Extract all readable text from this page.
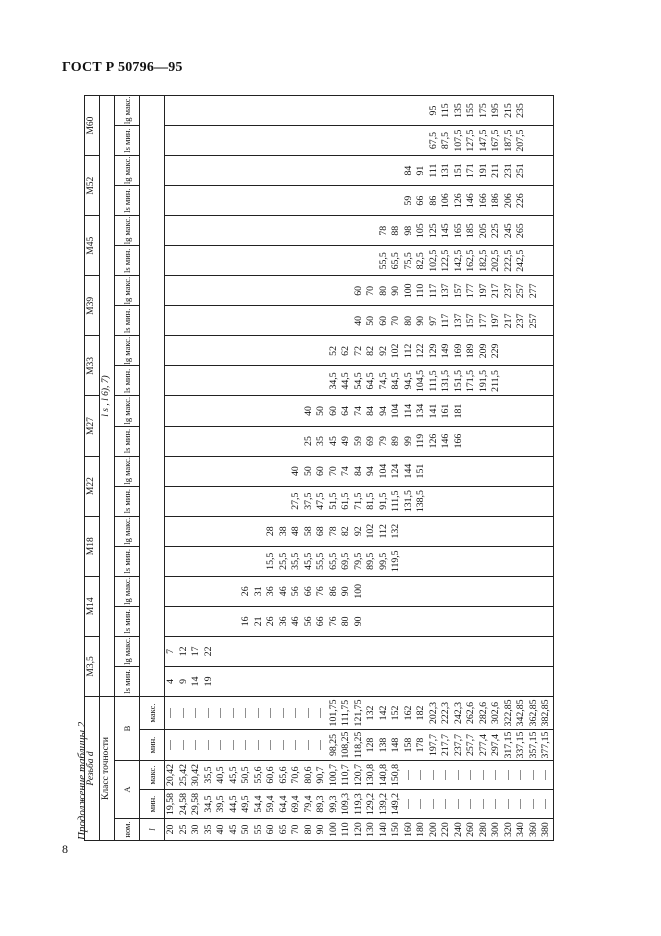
ГОСТ Р 50796—95
Продолжение таблицы 2
Резьба d					М3,5		М14		М18		М22		М27		М33		М39		М45		М52		М60	
Класс точности					l s , l 6), 7)																			
ном.	А		В		ls мин.	lg макс.	ls мин.	lg макс.	ls мин.	lg макс.	ls мин.	lg макс.	ls мин.	lg макс.	ls мин.	lg макс.	ls мин.	lg макс.	ls мин.	lg макс.	ls мин.	lg макс.	ls мин.	lg макс.
l	мин.	макс.	мин.	макс.																				
20	19,58	20,42	—	—	4	7																		
25	24,58	25,42	—	—	9	12																		
30	29,58	30,42	—	—	14	17																		
35	34,5	35,5	—	—	19	22																		
40	39,5	40,5	—	—																				
45	44,5	45,5	—	—																				
50	49,5	50,5	—	—			16	26																
55	54,4	55,6	—	—			21	31																
60	59,4	60,6	—	—			26	36	15,5	28														
65	64,4	65,6	—	—			36	46	25,5	38														
70	69,4	70,6	—	—			46	56	35,5	48	27,5	40												
80	79,4	80,6	—	—			56	66	45,5	58	37,5	50	25	40										
90	89,3	90,7	—	—			66	76	55,5	68	47,5	60	35	50										
100	99,3	100,7	98,25	101,75			76	86	65,5	78	51,5	70	45	60	34,5	52								
110	109,3	110,7	108,25	111,75			80	90	69,5	82	61,5	74	49	64	44,5	62								
120	119,3	120,7	118,25	121,75			90	100	79,5	92	71,5	84	59	74	54,5	72	40	60						
130	129,2	130,8	128	132					89,5	102	81,5	94	69	84	64,5	82	50	70						
140	139,2	140,8	138	142					99,5	112	91,5	104	79	94	74,5	92	60	80	55,5	78				
150	149,2	150,8	148	152					119,5	132	111,5	124	89	104	84,5	102	70	90	65,5	88				
160	—	—	158	162							131,5	144	99	114	94,5	112	80	100	75,5	98	59	84		
180	—	—	178	182							138,5	151	119	134	104,5	122	90	110	82,5	105	66	91		
200	—	—	197,7	202,3									126	141	111,5	129	97	117	102,5	125	86	111	67,5	95
220	—	—	217,7	222,3									146	161	131,5	149	117	137	122,5	145	106	131	87,5	115
240	—	—	237,7	242,3									166	181	151,5	169	137	157	142,5	165	126	151	107,5	135
260	—	—	257,7	262,6											171,5	189	157	177	162,5	185	146	171	127,5	155
280	—	—	277,4	282,6											191,5	209	177	197	182,5	205	166	191	147,5	175
300	—	—	297,4	302,6											211,5	229	197	217	202,5	225	186	211	167,5	195
320	—	—	317,15	322,85													217	237	222,5	245	206	231	187,5	215
340	—	—	337,15	342,85													237	257	242,5	265	226	251	207,5	235
360	—	—	357,15	362,85													257	277						
380	—	—	377,15	382,85																				
8
